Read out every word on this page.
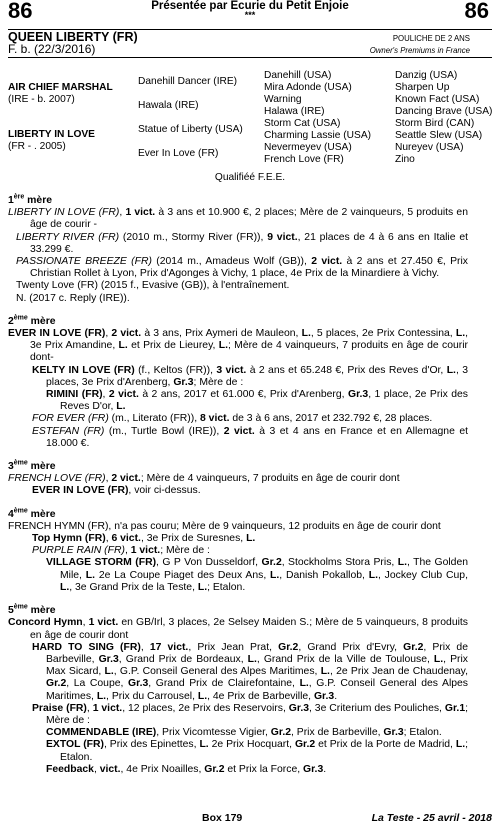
86	Présentée par Ecurie du Petit Enjoie
***	86
QUEEN LIBERTY (FR)	POULICHE DE 2 ANS
F. b. (22/3/2016)	Owner's Premiums in France
AIR CHIEF MARSHAL
(IRE - b. 2007)
LIBERTY IN LOVE
(FR - . 2005)
Danehill Dancer (IRE)
Hawala (IRE)
Statue of Liberty (USA)
Ever In Love (FR)
Danehill (USA)
Mira Adonde (USA)
Warning
Halawa (IRE)
Storm Cat (USA)
Charming Lassie (USA)
Nevermeyev (USA)
French Love (FR)
Danzig (USA)
Sharpen Up
Known Fact (USA)
Dancing Brave (USA)
Storm Bird (CAN)
Seattle Slew (USA)
Nureyev (USA)
Zino
Qualifiéé F.E.E.
1ère mère
LIBERTY IN LOVE (FR), 1 vict. à 3 ans et 10.900 €, 2 places; Mère de 2 vainqueurs, 5 produits en âge de courir -
LIBERTY RIVER (FR) (2010 m., Stormy River (FR)), 9 vict., 21 places de 4 à 6 ans en Italie et 33.299 €.
PASSIONATE BREEZE (FR) (2014 m., Amadeus Wolf (GB)), 2 vict. à 2 ans et 27.450 €, Prix Christian Rollet à Lyon, Prix d'Agonges à Vichy, 1 place, 4e Prix de la Minardiere à Vichy.
Twenty Love (FR) (2015 f., Evasive (GB)), à l'entraînement.
N. (2017 c. Reply (IRE)).
2ème mère
EVER IN LOVE (FR), 2 vict. à 3 ans, Prix Aymeri de Mauleon, L., 5 places, 2e Prix Contessina, L., 3e Prix Amandine, L. et Prix de Lieurey, L.; Mère de 4 vainqueurs, 7 produits en âge de courir dont-
KELTY IN LOVE (FR) (f., Keltos (FR)), 3 vict. à 2 ans et 65.248 €, Prix des Reves d'Or, L., 3 places, 3e Prix d'Arenberg, Gr.3; Mère de :
RIMINI (FR), 2 vict. à 2 ans, 2017 et 61.000 €, Prix d'Arenberg, Gr.3, 1 place, 2e Prix des Reves D'or, L.
FOR EVER (FR) (m., Literato (FR)), 8 vict. de 3 à 6 ans, 2017 et 232.792 €, 28 places.
ESTEFAN (FR) (m., Turtle Bowl (IRE)), 2 vict. à 3 et 4 ans en France et en Allemagne et 18.000 €.
3ème mère
FRENCH LOVE (FR), 2 vict.; Mère de 4 vainqueurs, 7 produits en âge de courir dont
EVER IN LOVE (FR), voir ci-dessus.
4ème mère
FRENCH HYMN (FR), n'a pas couru; Mère de 9 vainqueurs, 12 produits en âge de courir dont
Top Hymn (FR), 6 vict., 3e Prix de Suresnes, L.
PURPLE RAIN (FR), 1 vict.; Mère de :
VILLAGE STORM (FR), G P Von Dusseldorf, Gr.2, Stockholms Stora Pris, L., The Golden Mile, L. 2e La Coupe Piaget des Deux Ans, L., Danish Pokallob, L., Jockey Club Cup, L., 3e Grand Prix de la Teste, L.; Etalon.
5ème mère
Concord Hymn, 1 vict. en GB/Irl, 3 places, 2e Selsey Maiden S.; Mère de 5 vainqueurs, 8 produits en âge de courir dont
HARD TO SING (FR), 17 vict., Prix Jean Prat, Gr.2, Grand Prix d'Evry, Gr.2, Prix de Barbeville, Gr.3, Grand Prix de Bordeaux, L., Grand Prix de la Ville de Toulouse, L., Prix Max Sicard, L., G.P. Conseil General des Alpes Maritimes, L., 2e Prix Jean de Chaudenay, Gr.2, La Coupe, Gr.3, Grand Prix de Clairefontaine, L., G.P. Conseil General des Alpes Maritimes, L., Prix du Carrousel, L., 4e Prix de Barbeville, Gr.3.
Praise (FR), 1 vict., 12 places, 2e Prix des Reservoirs, Gr.3, 3e Criterium des Pouliches, Gr.1; Mère de :
COMMENDABLE (IRE), Prix Vicomtesse Vigier, Gr.2, Prix de Barbeville, Gr.3; Etalon.
EXTOL (FR), Prix des Epinettes, L. 2e Prix Hocquart, Gr.2 et Prix de la Porte de Madrid, L.; Etalon.
Feedback, vict., 4e Prix Noailles, Gr.2 et Prix la Force, Gr.3.
Box 179	La Teste - 25 avril - 2018
